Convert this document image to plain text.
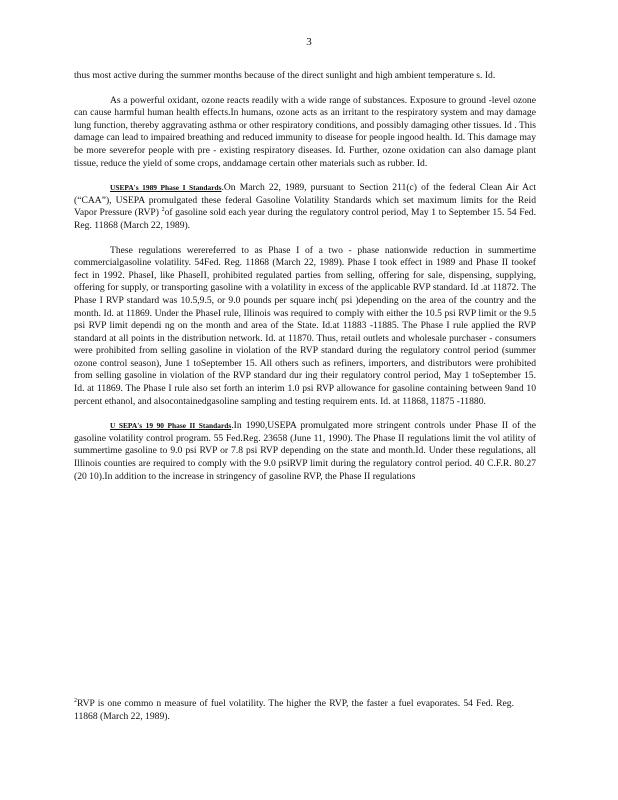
3

thus most active during the summer months because of the direct sunlight and high ambient temperature s. Id.

As a powerful oxidant, ozone reacts readily with a wide range of substances. Exposure to ground -level ozone can cause harmful human health effects.In humans, ozone acts as an irritant to the respiratory system and may damage lung function, thereby aggravating asthma or other respiratory conditions, and possibly damaging other tissues. Id . This damage can lead to impaired breathing and reduced immunity to disease for people ingood health. Id. This damage may be more severefor people with pre - existing respiratory diseases. Id. Further, ozone oxidation can also damage plant tissue, reduce the yield of some crops, anddamage certain other materials such as rubber. Id.

USEPA's 1989 Phase I Standards.On March 22, 1989, pursuant to Section 211(c) of the federal Clean Air Act (“CAA”), USEPA promulgated these federal Gasoline Volatility Standards which set maximum limits for the Reid Vapor Pressure (RVP) $^2$of gasoline sold each year during the regulatory control period, May 1 to September 15. 54 Fed. Reg. 11868 (March 22, 1989).

These regulations werereferred to as Phase I of a two - phase nationwide reduction in summertime commercialgasoline volatility. 54Fed. Reg. 11868 (March 22, 1989). Phase I took effect in 1989 and Phase II tookef fect in 1992. PhaseI, like PhaseII, prohibited regulated parties from selling, offering for sale, dispensing, supplying, offering for supply, or transporting gasoline with a volatility in excess of the applicable RVP standard. Id .at 11872. The Phase I RVP standard was 10.5,9.5, or 9.0 pounds per square inch( psi )depending on the area of the country and the month. Id. at 11869. Under the PhaseI rule, Illinois was required to comply with either the 10.5 psi RVP limit or the 9.5 psi RVP limit dependi ng on the month and area of the State. Id.at 11883 -11885. The Phase I rule applied the RVP standard at all points in the distribution network. Id. at 11870. Thus, retail outlets and wholesale purchaser - consumers were prohibited from selling gasoline in violation of the RVP standard during the regulatory control period (summer ozone control season), June 1 toSeptember 15. All others such as refiners, importers, and distributors were prohibited from selling gasoline in violation of the RVP standard dur ing their regulatory control period, May 1 toSeptember 15. Id. at 11869. The Phase I rule also set forth an interim 1.0 psi RVP allowance for gasoline containing between 9and 10 percent ethanol, and alsocontainedgasoline sampling and testing requirem ents. Id. at 11868, 11875 -11880.

U SEPA's 19 90 Phase II Standards.In 1990,USEPA promulgated more stringent controls under Phase II of the gasoline volatility control program. 55 Fed.Reg. 23658 (June 11, 1990). The Phase II regulations limit the vol atility of summertime gasoline to 9.0 psi RVP or 7.8 psi RVP depending on the state and month.Id. Under these regulations, all Illinois counties are required to comply with the 9.0 psiRVP limit during the regulatory control period. 40 C.F.R. 80.27 (20 10).In addition to the increase in stringency of gasoline RVP, the Phase II regulations

$^2$RVP is one commo n measure of fuel volatility. The higher the RVP, the faster a fuel evaporates. 54 Fed. Reg. 11868 (March 22, 1989).
